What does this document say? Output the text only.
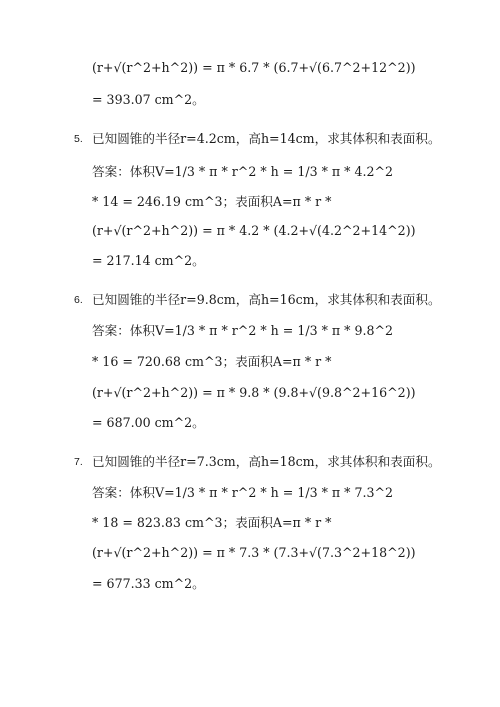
(r+√(r^2+h^2)) = π * 6.7 * (6.7+√(6.7^2+12^2))
= 393.07 cm^2。
5. 已知圆锥的半径r=4.2cm，高h=14cm，求其体积和表面积。
答案：体积V=1/3 * π * r^2 * h = 1/3 * π * 4.2^2
* 14 = 246.19 cm^3；表面积A=π * r *
(r+√(r^2+h^2)) = π * 4.2 * (4.2+√(4.2^2+14^2))
= 217.14 cm^2。
6. 已知圆锥的半径r=9.8cm，高h=16cm，求其体积和表面积。
答案：体积V=1/3 * π * r^2 * h = 1/3 * π * 9.8^2
* 16 = 720.68 cm^3；表面积A=π * r *
(r+√(r^2+h^2)) = π * 9.8 * (9.8+√(9.8^2+16^2))
= 687.00 cm^2。
7. 已知圆锥的半径r=7.3cm，高h=18cm，求其体积和表面积。
答案：体积V=1/3 * π * r^2 * h = 1/3 * π * 7.3^2
* 18 = 823.83 cm^3；表面积A=π * r *
(r+√(r^2+h^2)) = π * 7.3 * (7.3+√(7.3^2+18^2))
= 677.33 cm^2。
